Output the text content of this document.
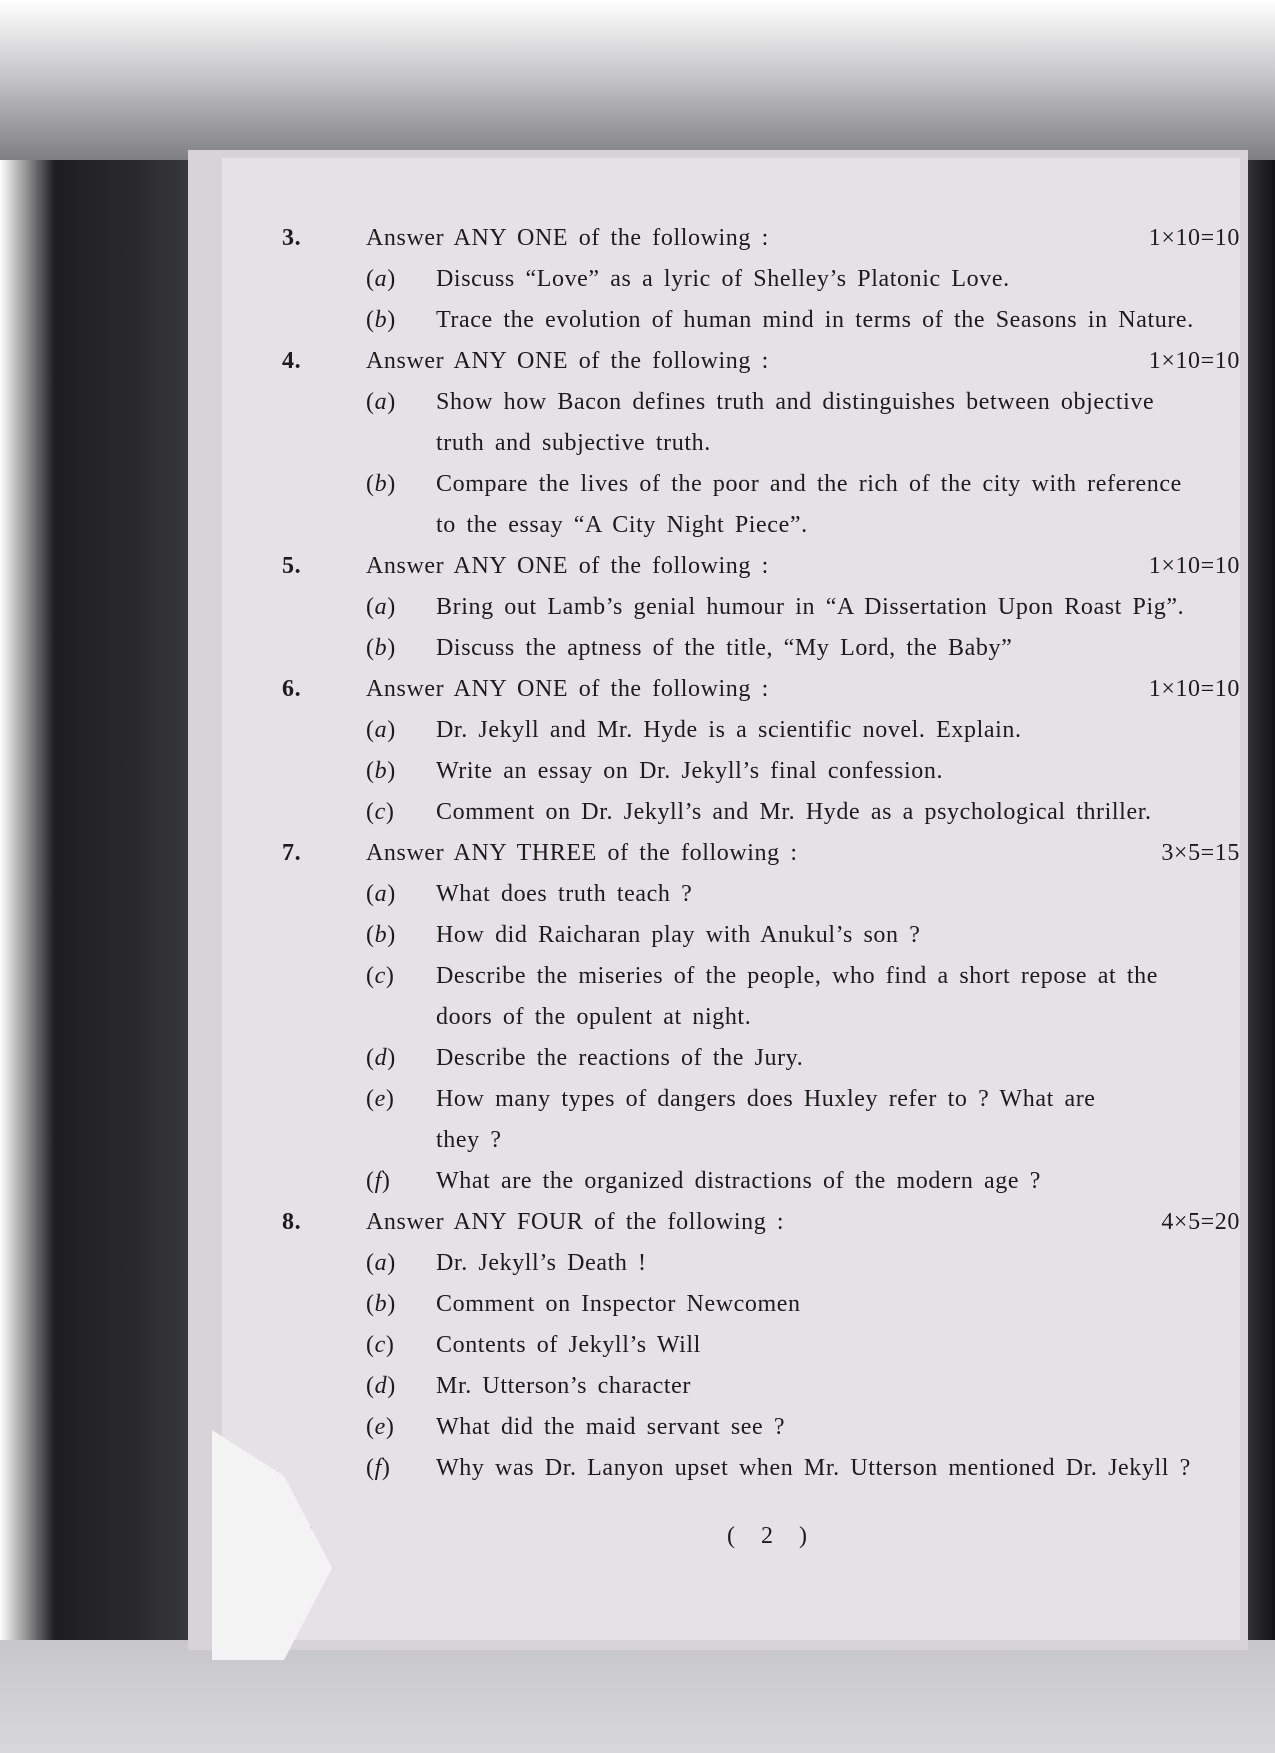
3.	Answer ANY ONE of the following :	1×10=10
(a)	Discuss “Love” as a lyric of Shelley’s Platonic Love.
(b)	Trace the evolution of human mind in terms of the Seasons in Nature.
4.	Answer ANY ONE of the following :	1×10=10
(a)	Show how Bacon defines truth and distinguishes between objective
truth and subjective truth.
(b)	Compare the lives of the poor and the rich of the city with reference
to the essay “A City Night Piece”.
5.	Answer ANY ONE of the following :	1×10=10
(a)	Bring out Lamb’s genial humour in “A Dissertation Upon Roast Pig”.
(b)	Discuss the aptness of the title, “My Lord, the Baby”
6.	Answer ANY ONE of the following :	1×10=10
(a)	Dr. Jekyll and Mr. Hyde is a scientific novel. Explain.
(b)	Write an essay on Dr. Jekyll’s final confession.
(c)	Comment on Dr. Jekyll’s and Mr. Hyde as a psychological thriller.
7.	Answer ANY THREE of the following :	3×5=15
(a)	What does truth teach ?
(b)	How did Raicharan play with Anukul’s son ?
(c)	Describe the miseries of the people, who find a short repose at the
doors of the opulent at night.
(d)	Describe the reactions of the Jury.
(e)	How many types of dangers does Huxley refer to ? What are
they ?
(f)	What are the organized distractions of the modern age ?
8.	Answer ANY FOUR of the following :	4×5=20
(a)	Dr. Jekyll’s Death !
(b)	Comment on Inspector Newcomen
(c)	Contents of Jekyll’s Will
(d)	Mr. Utterson’s character
(e)	What did the maid servant see ?
(f)	Why was Dr. Lanyon upset when Mr. Utterson mentioned Dr. Jekyll ?
( 2 )
